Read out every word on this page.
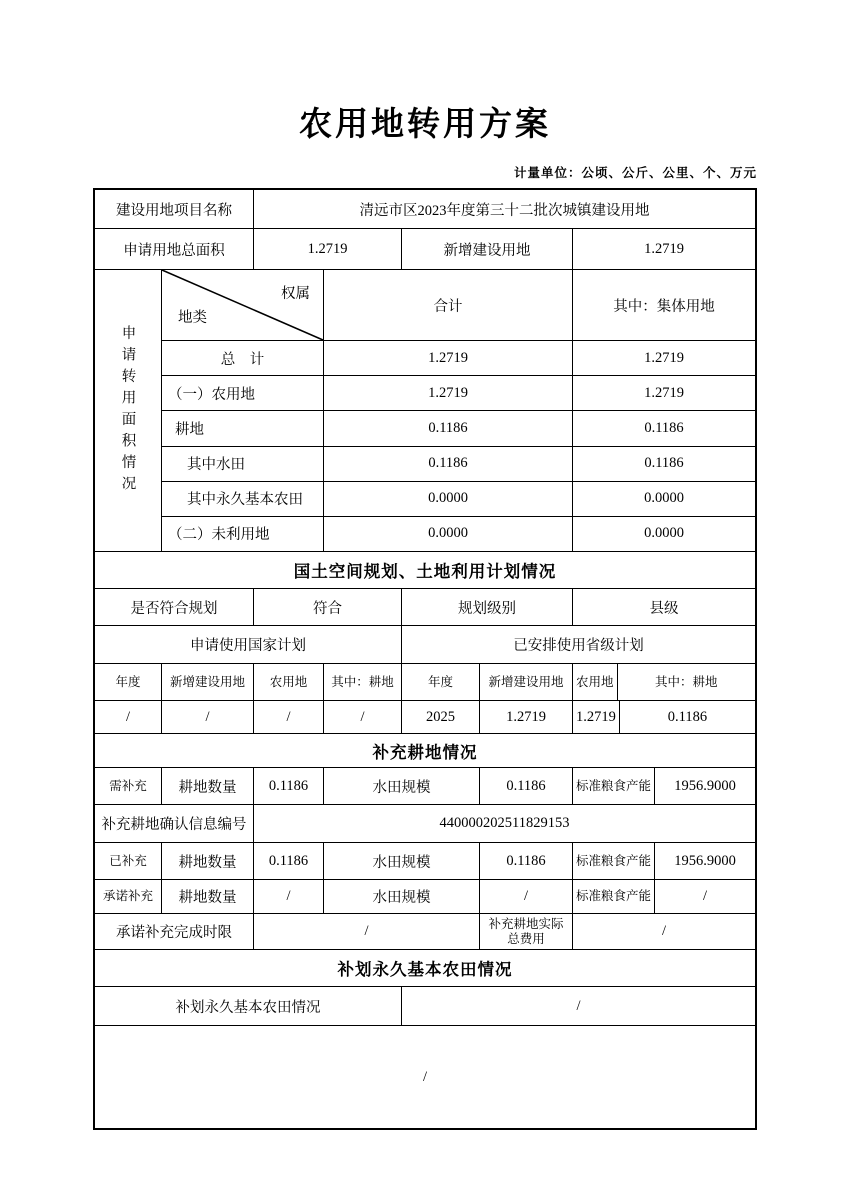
农用地转用方案
计量单位：公顷、公斤、公里、个、万元
建设用地项目名称	清远市区2023年度第三十二批次城镇建设用地
申请用地总面积	1.2719	新增建设用地	1.2719
申请转用面积情况
地类
权属
合计	其中：集体用地
总　计	1.2719	1.2719
（一）农用地	1.2719	1.2719
耕地	0.1186	0.1186
其中水田	0.1186	0.1186
其中永久基本农田	0.0000	0.0000
（二）未利用地	0.0000	0.0000
国土空间规划、土地利用计划情况
是否符合规划	符合	规划级别	县级
申请使用国家计划	已安排使用省级计划
年度	新增建设用地	农用地	其中：耕地	年度	新增建设用地	农用地	其中：耕地
/	/	/	/	2025	1.2719	1.2719	0.1186
补充耕地情况
需补充	耕地数量	0.1186	水田规模	0.1186	标准粮食产能	1956.9000
补充耕地确认信息编号	440000202511829153
已补充	耕地数量	0.1186	水田规模	0.1186	标准粮食产能	1956.9000
承诺补充	耕地数量	/	水田规模	/	标准粮食产能	/
承诺补充完成时限	/	补充耕地实际总费用	/
补划永久基本农田情况
补划永久基本农田情况	/
/
